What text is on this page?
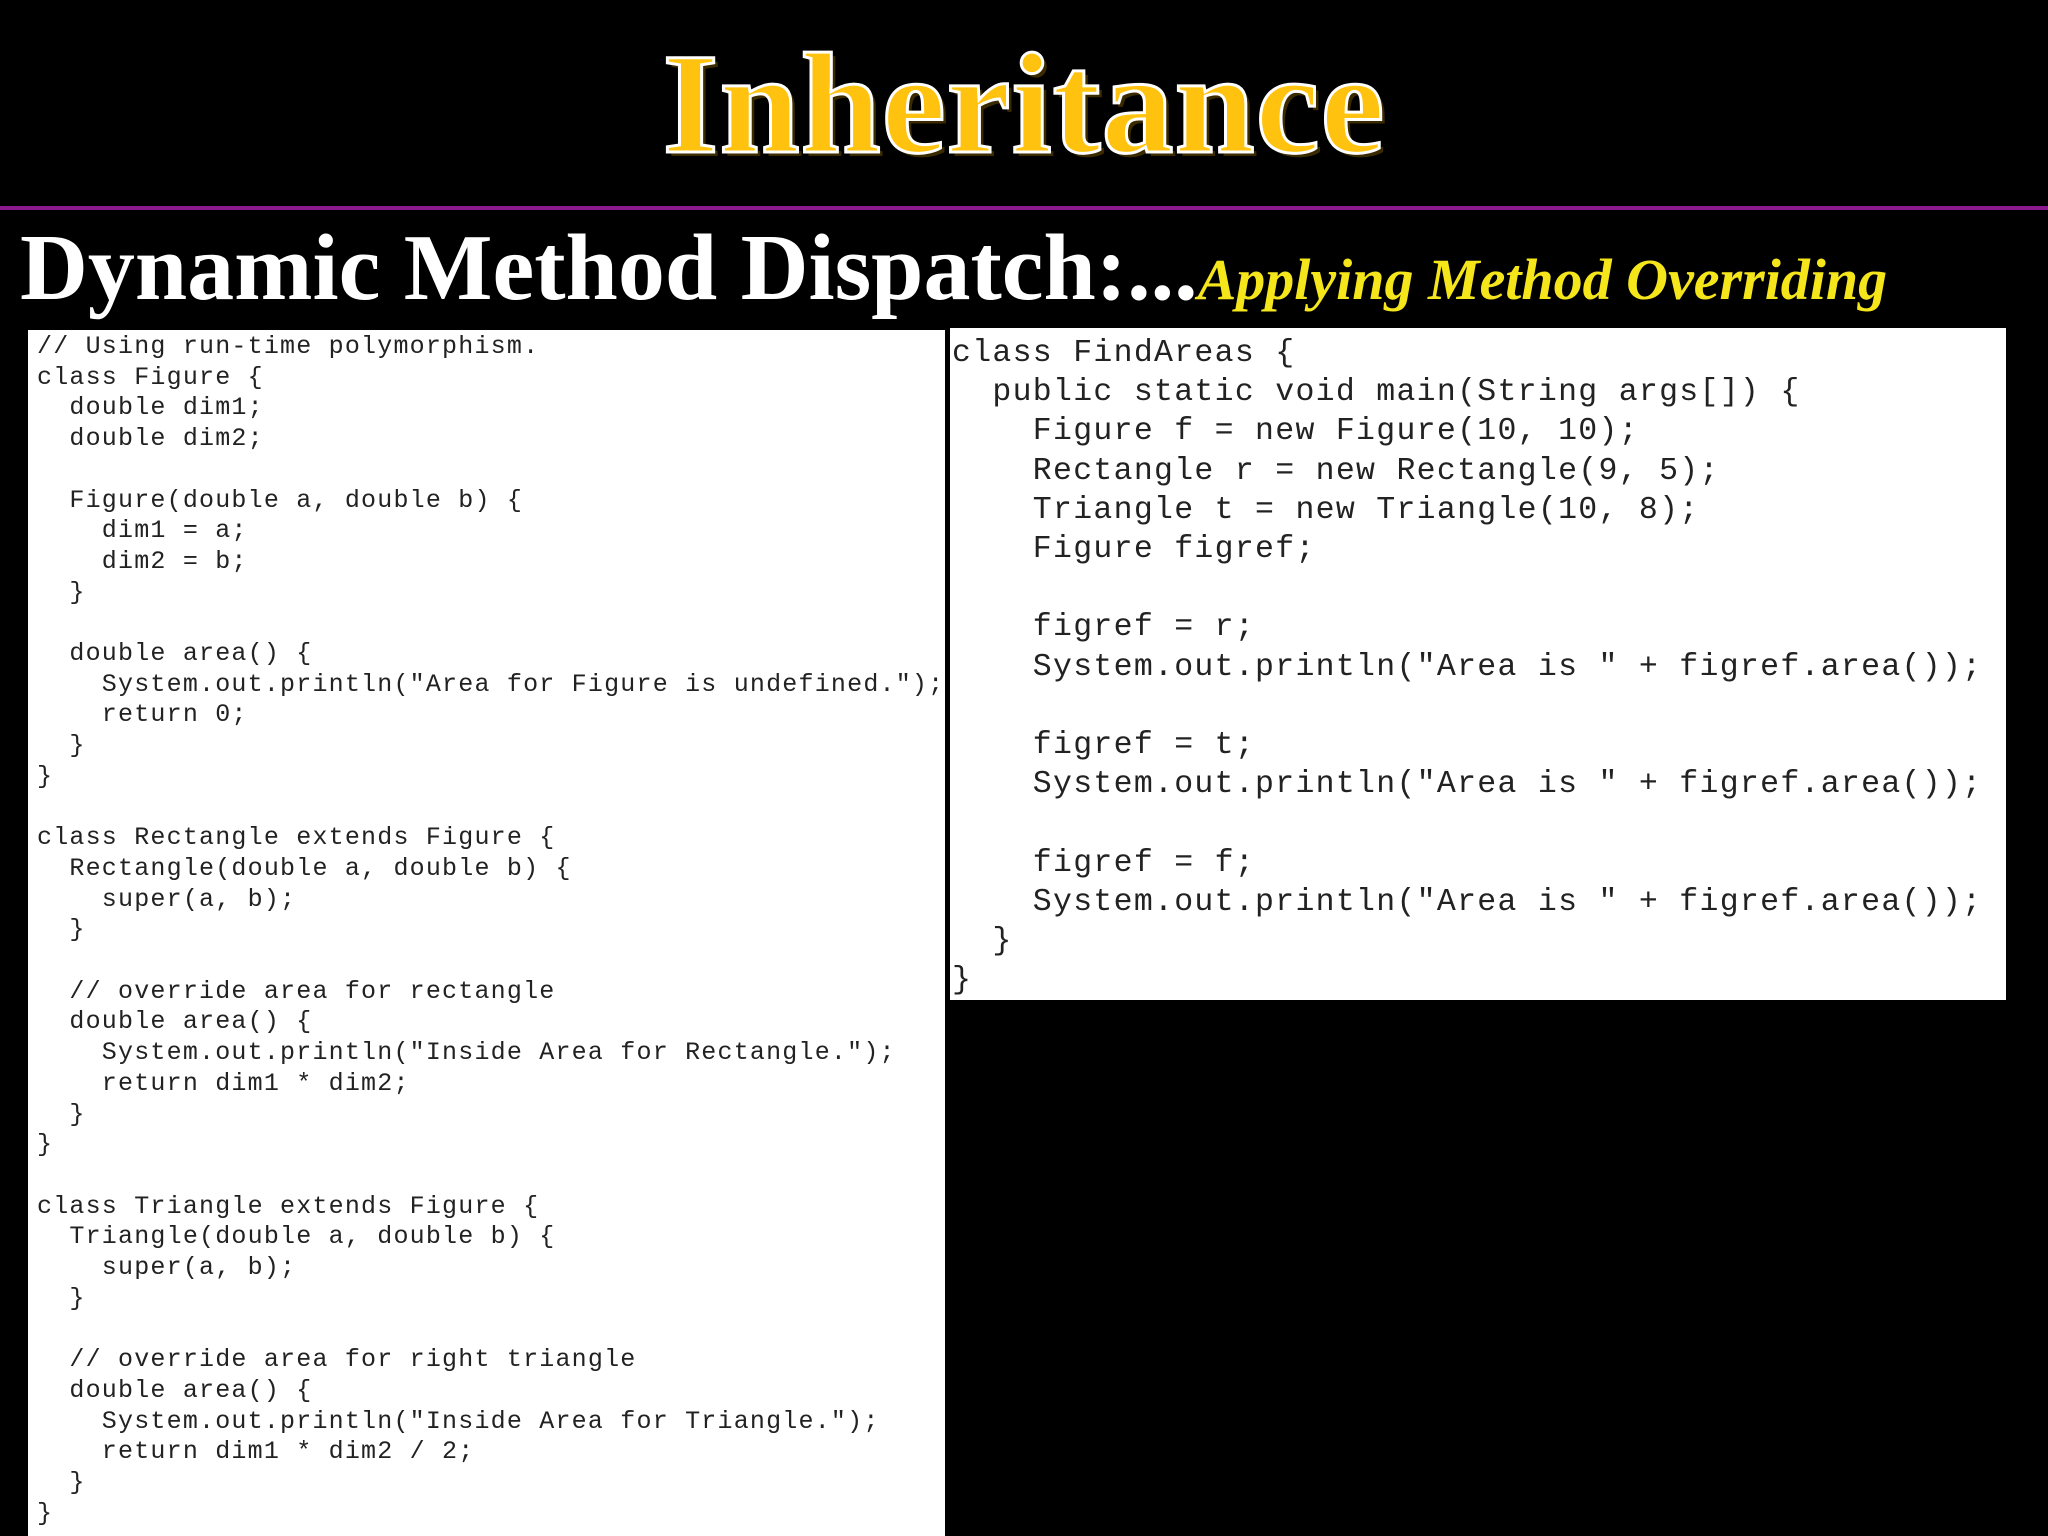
Inheritance
Dynamic Method Dispatch:...Applying Method Overriding
// Using run-time polymorphism.
class Figure {
double dim1;
double dim2;

Figure(double a, double b) {
dim1 = a;
dim2 = b;
}

double area() {
System.out.println("Area for Figure is undefined.");
return 0;
}
}

class Rectangle extends Figure {
Rectangle(double a, double b) {
super(a, b);
}

// override area for rectangle
double area() {
System.out.println("Inside Area for Rectangle.");
return dim1 * dim2;
}
}

class Triangle extends Figure {
Triangle(double a, double b) {
super(a, b);
}

// override area for right triangle
double area() {
System.out.println("Inside Area for Triangle.");
return dim1 * dim2 / 2;
}
}

class FindAreas {
public static void main(String args[]) {
Figure f = new Figure(10, 10);
Rectangle r = new Rectangle(9, 5);
Triangle t = new Triangle(10, 8);
Figure figref;

figref = r;
System.out.println("Area is " + figref.area());

figref = t;
System.out.println("Area is " + figref.area());

figref = f;
System.out.println("Area is " + figref.area());
}
}
